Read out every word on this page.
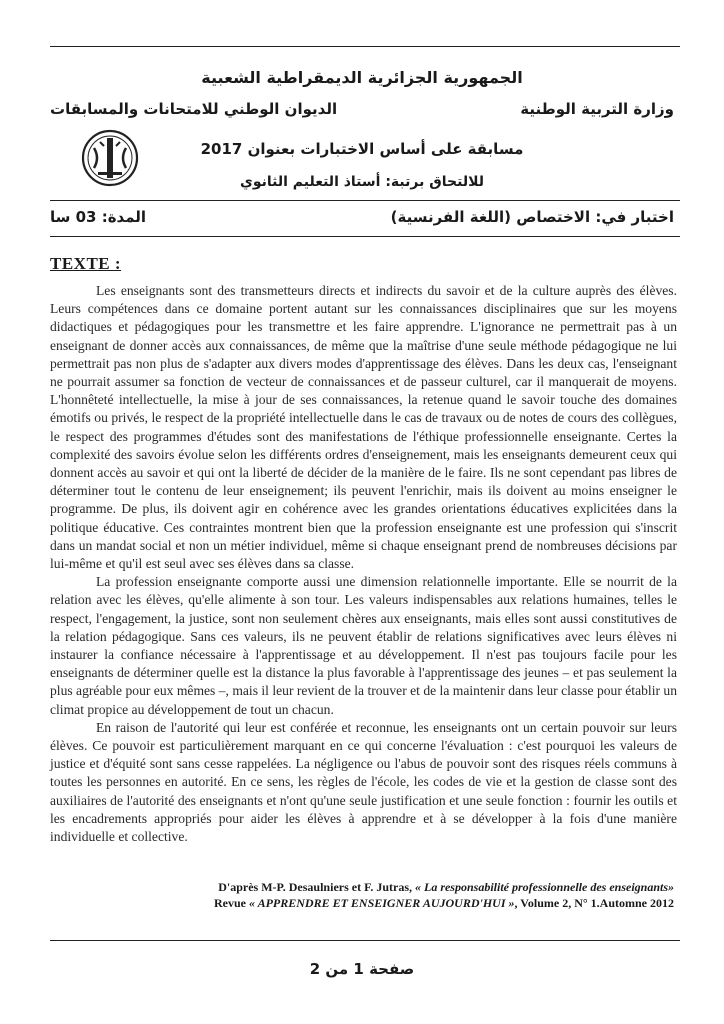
الجمهورية الجزائرية الديمقراطية الشعبية
وزارة التربية الوطنية
الديوان الوطني للامتحانات والمسابقات
مسابقة على أساس الاختبارات بعنوان 2017
للالتحاق برتبة: أستاذ التعليم الثانوي
اختبار في: الاختصاص (اللغة الفرنسية)
المدة: 03 سا
TEXTE :

Les enseignants sont des transmetteurs directs et indirects du savoir et de la culture auprès des élèves. Leurs compétences dans ce domaine portent autant sur les connaissances disciplinaires que sur les moyens didactiques et pédagogiques pour les transmettre et les faire apprendre. L'ignorance ne permettrait pas à un enseignant de donner accès aux connaissances, de même que la maîtrise d'une seule méthode pédagogique ne lui permettrait pas non plus de s'adapter aux divers modes d'apprentissage des élèves. Dans les deux cas, l'enseignant ne pourrait assumer sa fonction de vecteur de connaissances et de passeur culturel, car il manquerait de moyens. L'honnêteté intellectuelle, la mise à jour de ses connaissances, la retenue quand le savoir touche des domaines émotifs ou privés, le respect de la propriété intellectuelle dans le cas de travaux ou de notes de cours des collègues, le respect des programmes d'études sont des manifestations de l'éthique professionnelle enseignante. Certes la complexité des savoirs évolue selon les différents ordres d'enseignement, mais les enseignants demeurent ceux qui donnent accès au savoir et qui ont la liberté de décider de la manière de le faire. Ils ne sont cependant pas libres de déterminer tout le contenu de leur enseignement; ils peuvent l'enrichir, mais ils doivent au moins enseigner le programme. De plus, ils doivent agir en cohérence avec les grandes orientations éducatives explicitées dans la politique éducative. Ces contraintes montrent bien que la profession enseignante est une profession qui s'inscrit dans un mandat social et non un métier individuel, même si chaque enseignant prend de nombreuses décisions par lui-même et qu'il est seul avec ses élèves dans sa classe.

La profession enseignante comporte aussi une dimension relationnelle importante. Elle se nourrit de la relation avec les élèves, qu'elle alimente à son tour. Les valeurs indispensables aux relations humaines, telles le respect, l'engagement, la justice, sont non seulement chères aux enseignants, mais elles sont aussi constitutives de la relation pédagogique. Sans ces valeurs, ils ne peuvent établir de relations significatives avec leurs élèves ni instaurer la confiance nécessaire à l'apprentissage et au développement. Il n'est pas toujours facile pour les enseignants de déterminer quelle est la distance la plus favorable à l'apprentissage des jeunes – et pas seulement la plus agréable pour eux mêmes –, mais il leur revient de la trouver et de la maintenir dans leur classe pour établir un climat propice au développement de tout un chacun.

En raison de l'autorité qui leur est conférée et reconnue, les enseignants ont un certain pouvoir sur leurs élèves. Ce pouvoir est particulièrement marquant en ce qui concerne l'évaluation : c'est pourquoi les valeurs de justice et d'équité sont sans cesse rappelées. La négligence ou l'abus de pouvoir sont des risques réels communs à toutes les personnes en autorité. En ce sens, les règles de l'école, les codes de vie et la gestion de classe sont des auxiliaires de l'autorité des enseignants et n'ont qu'une seule justification et une seule fonction : fournir les outils et les encadrements appropriés pour aider les élèves à apprendre et à se développer à la fois d'une manière individuelle et collective.

D'après M-P. Desaulniers et F. Jutras, « La responsabilité professionnelle des enseignants»
Revue « APPRENDRE ET ENSEIGNER AUJOURD'HUI », Volume 2, N° 1.Automne 2012
صفحة 1 من 2
